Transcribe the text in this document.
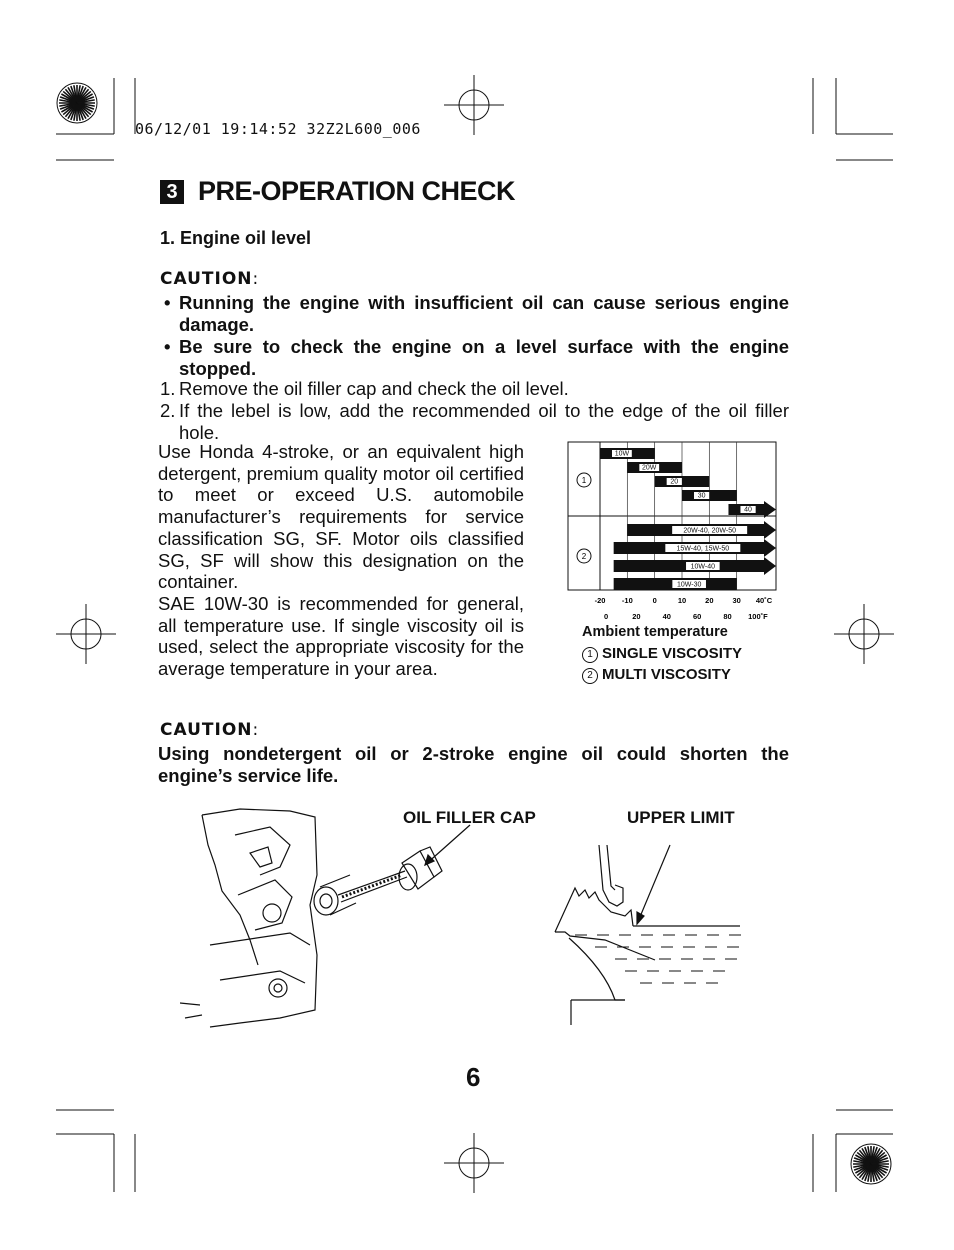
06/12/01 19:14:52 32Z2L600_006
3 PRE-OPERATION CHECK
1. Engine oil level
CAUTION:
• Running the engine with insufficient oil can cause serious engine damage.
• Be sure to check the engine on a level surface with the engine stopped.
1. Remove the oil filler cap and check the oil level.
2. If the lebel is low, add the recommended oil to the edge of the oil filler hole.
Use Honda 4-stroke, or an equivalent high detergent, premium quality motor oil certified to meet or exceed U.S. automobile manufacturer’s requirements for service classification SG, SF. Motor oils classified SG, SF will show this designation on the container.
SAE 10W-30 is recommended for general, all temperature use. If single viscosity oil is used, select the appropriate viscosity for the average temperature in your area.
1
10W
20W
20
30
40
2
20W-40, 20W-50
15W-40, 15W-50
10W-40
10W-30
-20 -10	0	10	20	30 40˚C
0	20	40	60	80 100˚F
Ambient temperature
1 SINGLE VISCOSITY
2 MULTI VISCOSITY
CAUTION:
Using nondetergent oil or 2-stroke engine oil could shorten the engine’s service life.
OIL FILLER CAP	UPPER LIMIT
6
